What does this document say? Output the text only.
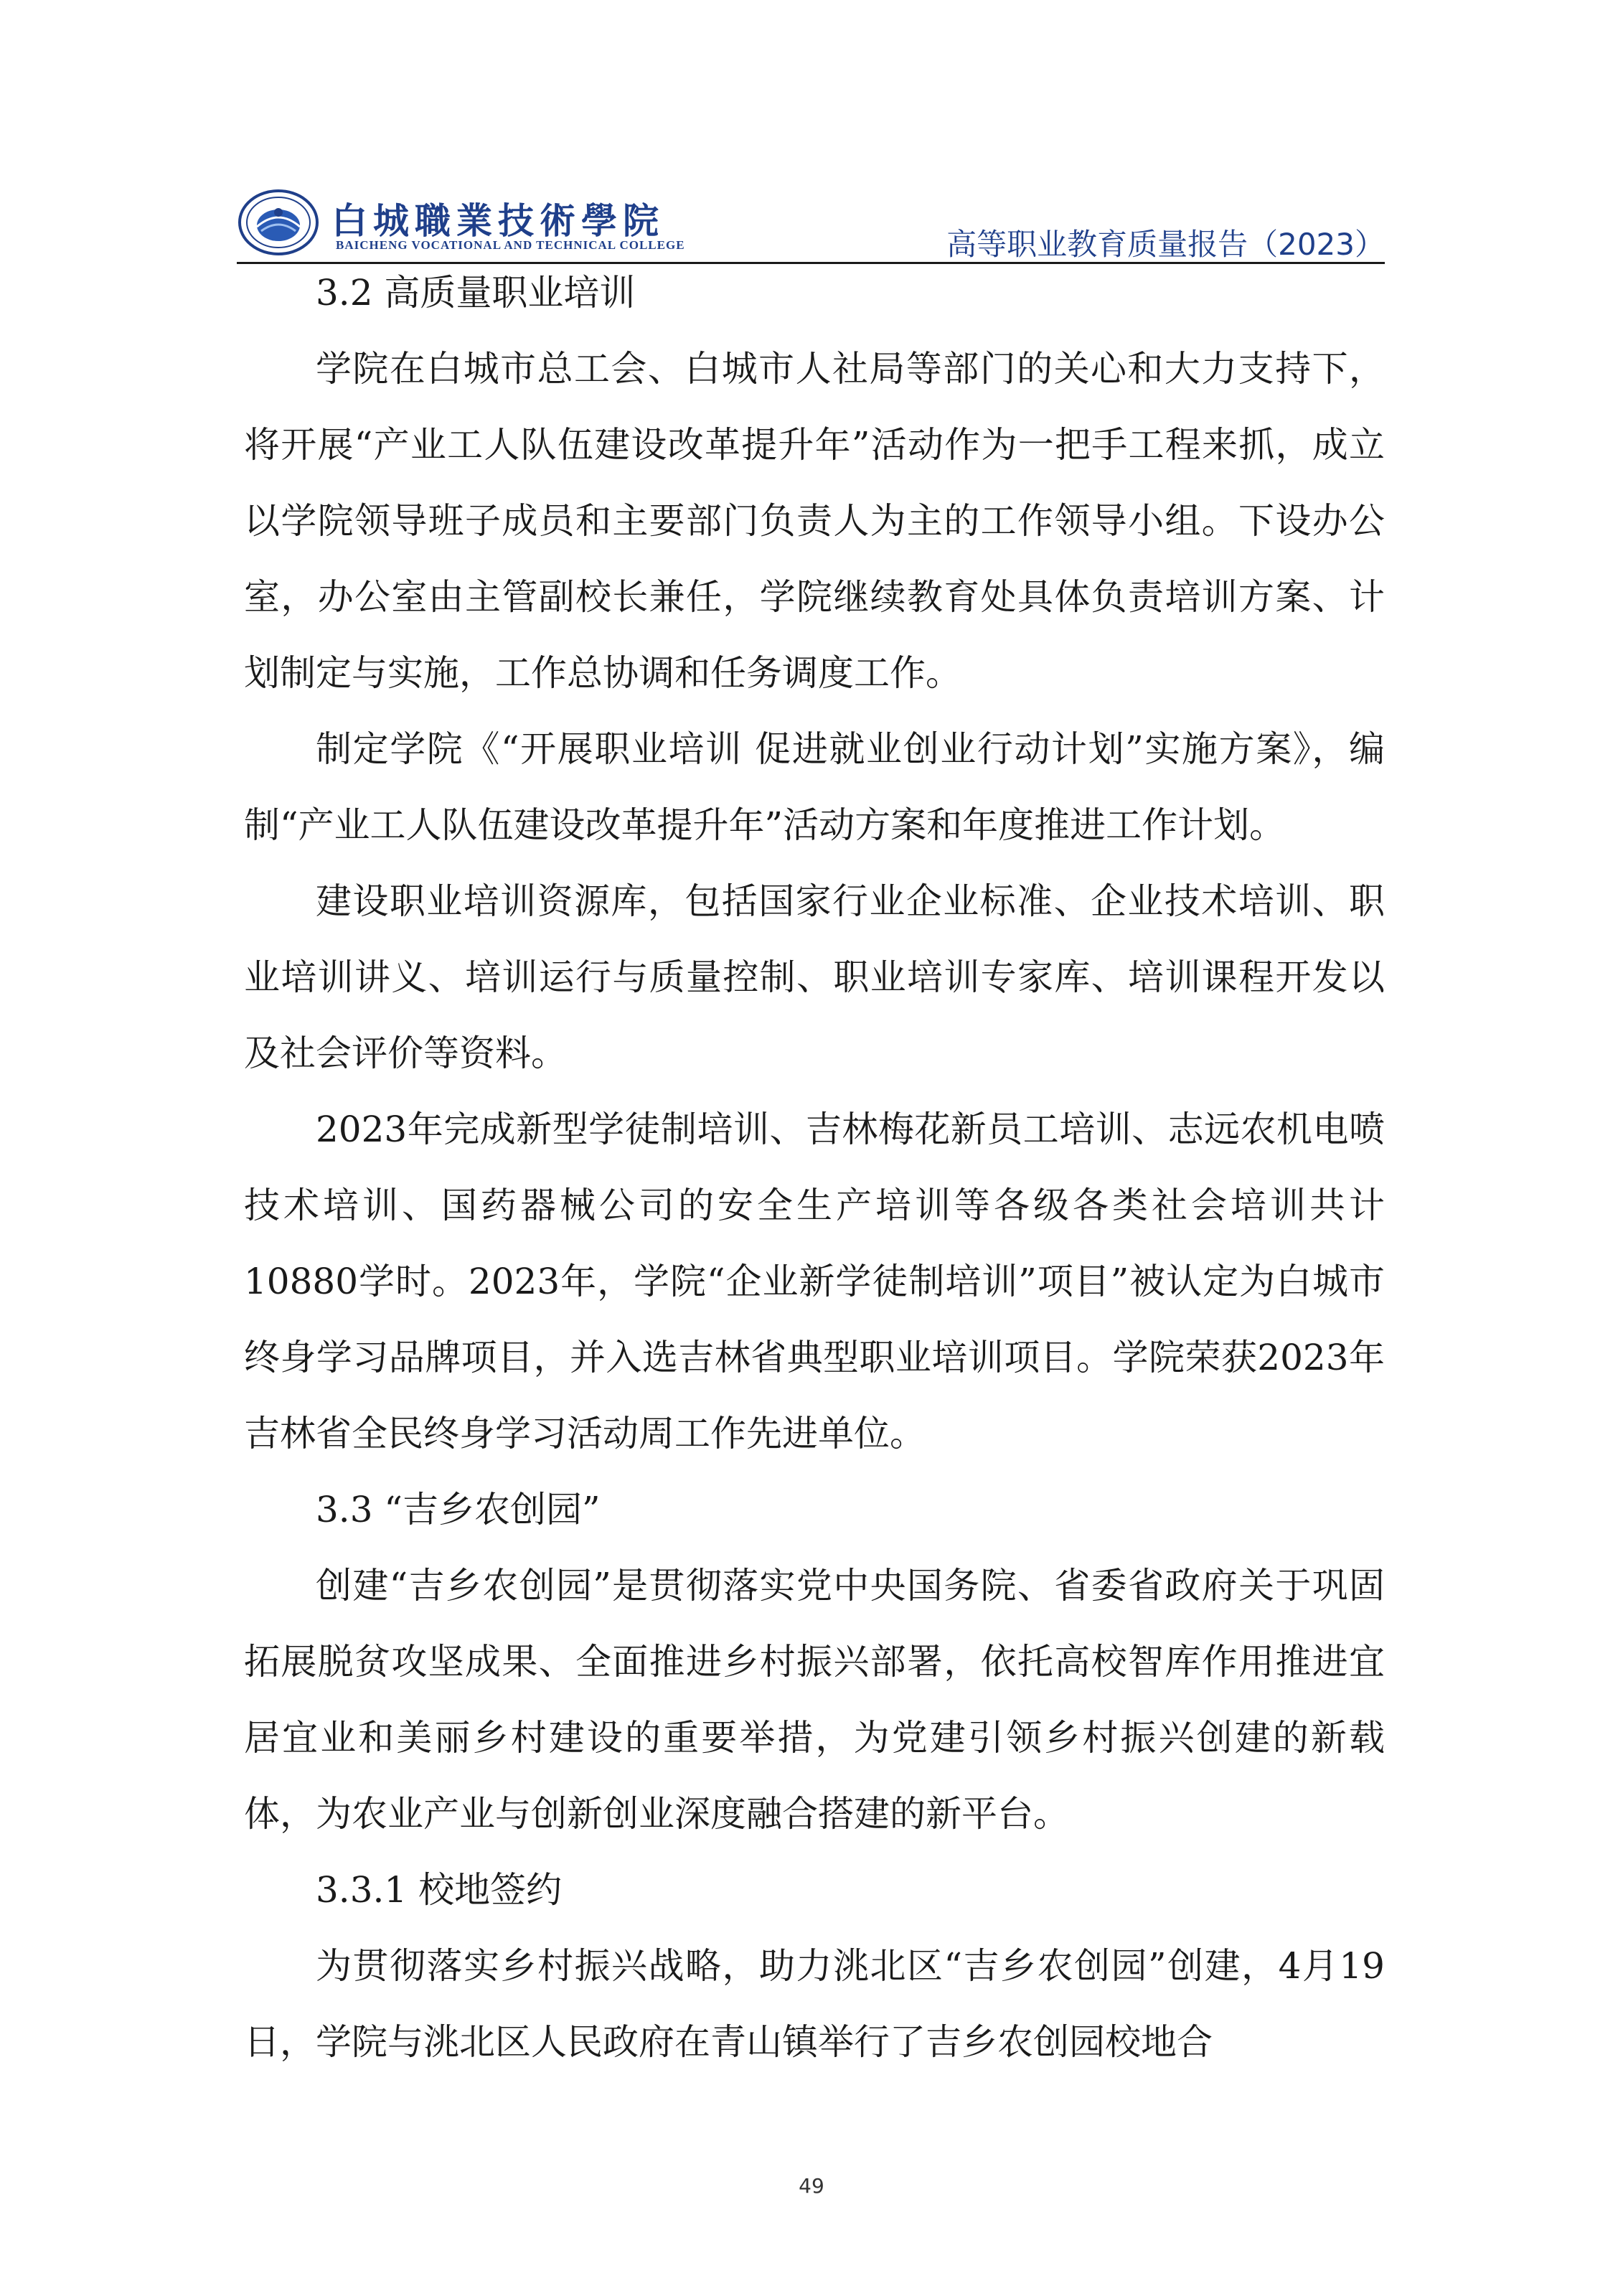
白城職業技術學院
BAICHENG VOCATIONAL AND TECHNICAL COLLEGE	高等职业教育质量报告（2023）

3.2 高质量职业培训

学院在白城市总工会、白城市人社局等部门的关心和大力支持下，将开展“产业工人队伍建设改革提升年”活动作为一把手工程来抓，成立以学院领导班子成员和主要部门负责人为主的工作领导小组。下设办公室，办公室由主管副校长兼任，学院继续教育处具体负责培训方案、计划制定与实施，工作总协调和任务调度工作。

制定学院《“开展职业培训 促进就业创业行动计划”实施方案》，编制“产业工人队伍建设改革提升年”活动方案和年度推进工作计划。

建设职业培训资源库，包括国家行业企业标准、企业技术培训、职业培训讲义、培训运行与质量控制、职业培训专家库、培训课程开发以及社会评价等资料。

2023年完成新型学徒制培训、吉林梅花新员工培训、志远农机电喷技术培训、国药器械公司的安全生产培训等各级各类社会培训共计10880学时。2023年，学院“企业新学徒制培训”项目”被认定为白城市终身学习品牌项目，并入选吉林省典型职业培训项目。学院荣获2023年吉林省全民终身学习活动周工作先进单位。

3.3 “吉乡农创园”

创建“吉乡农创园”是贯彻落实党中央国务院、省委省政府关于巩固拓展脱贫攻坚成果、全面推进乡村振兴部署，依托高校智库作用推进宜居宜业和美丽乡村建设的重要举措，为党建引领乡村振兴创建的新载体，为农业产业与创新创业深度融合搭建的新平台。

3.3.1 校地签约

为贯彻落实乡村振兴战略，助力洮北区“吉乡农创园”创建，4月19日，学院与洮北区人民政府在青山镇举行了吉乡农创园校地合

49
